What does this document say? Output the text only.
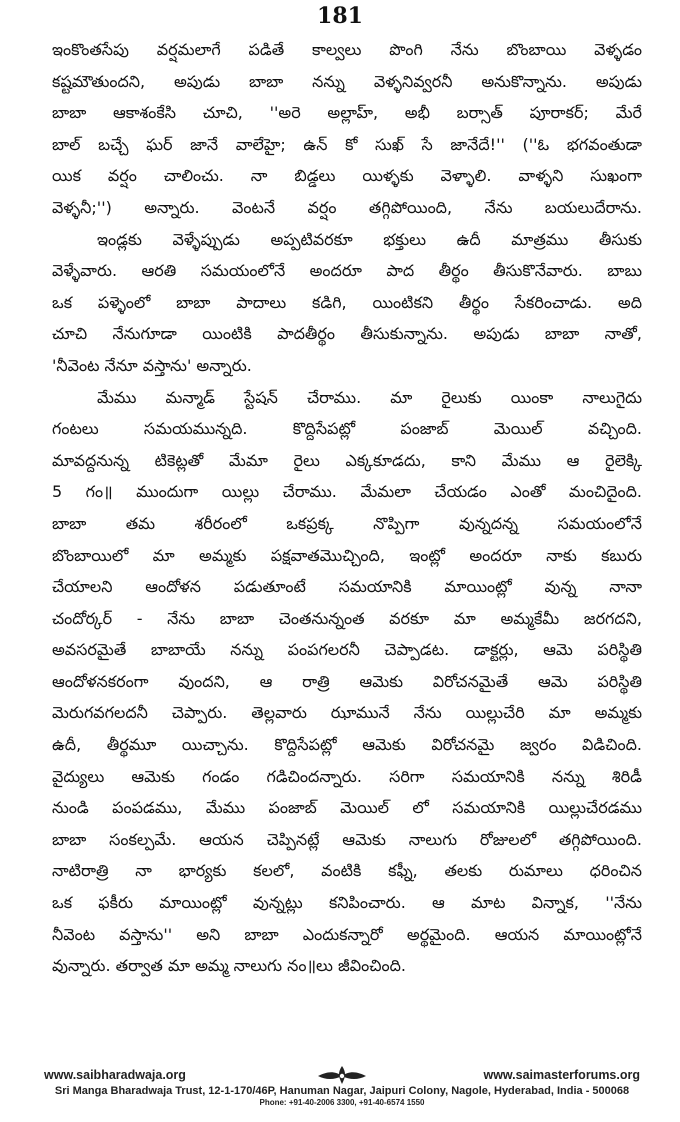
181
ఇంకొంతసేపు వర్షమలాగే పడితే కాల్వలు పొంగి నేను బొంబాయి వెళ్ళడం
కష్టమౌతుందని, అపుడు బాబా నన్ను వెళ్ళనివ్వరనీ అనుకొన్నాను. అపుడు
బాబా ఆకాశంకేసి చూచి, ''అరె అల్లాహ్, అభీ బర్సాత్ పూరాకర్; మేరే
బాల్ బచ్చే ఘర్ జానే వాలేహై; ఉన్ కో సుఖ్ సే జానేదే!'' (''ఓ భగవంతుడా
యిక వర్షం చాలించు. నా బిడ్డలు యిళ్ళకు వెళ్ళాలి. వాళ్ళని సుఖంగా
వెళ్ళనీ;'') అన్నారు. వెంటనే వర్షం తగ్గిపోయింది, నేను బయలుదేరాను.
ఇండ్లకు వెళ్ళేప్పుడు అప్పటివరకూ భక్తులు ఉదీ మాత్రము తీసుకు
వెళ్ళేవారు. ఆరతి సమయంలోనే అందరూ పాద తీర్థం తీసుకొనేవారు. బాబు
ఒక పళ్ళెంలో బాబా పాదాలు కడిగి, యింటికని తీర్థం సేకరించాడు. అది
చూచి నేనుగూడా యింటికి పాదతీర్థం తీసుకున్నాను. అపుడు బాబా నాతో,
'నీవెంట నేనూ వస్తాను' అన్నారు.
మేము మన్మాడ్ స్టేషన్ చేరాము. మా రైలుకు యింకా నాలుగైదు
గంటలు సమయమున్నది. కొద్దిసేపట్లో పంజాబ్ మెయిల్ వచ్చింది.
మావద్దనున్న టికెట్లతో మేమా రైలు ఎక్కకూడదు, కాని మేము ఆ రైలెక్కి
5 గం॥ ముందుగా యిల్లు చేరాము. మేమలా చేయడం ఎంతో మంచిదైంది.
బాబా తమ శరీరంలో ఒకప్రక్క నొప్పిగా వున్నదన్న సమయంలోనే
బొంబాయిలో మా అమ్మకు పక్షవాతమొచ్చింది, ఇంట్లో అందరూ నాకు కబురు
చేయాలని ఆందోళన పడుతూంటే సమయానికి మాయింట్లో వున్న నానా
చందోర్కర్ - నేను బాబా చెంతనున్నంత వరకూ మా అమ్మకేమీ జరగదని,
అవసరమైతే బాబాయే నన్ను పంపగలరనీ చెప్పాడట. డాక్టర్లు, ఆమె పరిస్థితి
ఆందోళనకరంగా వుందని, ఆ రాత్రి ఆమెకు విరోచనమైతే ఆమె పరిస్థితి
మెరుగవగలదనీ చెప్పారు. తెల్లవారు ఝామునే నేను యిల్లుచేరి మా అమ్మకు
ఉదీ, తీర్థమూ యిచ్చాను. కొద్దిసేపట్లో ఆమెకు విరోచనమై జ్వరం విడిచింది.
వైద్యులు ఆమెకు గండం గడిచిందన్నారు. సరిగా సమయానికి నన్ను శిరిడీ
నుండి పంపడము, మేము పంజాబ్ మెయిల్ లో సమయానికి యిల్లుచేరడము
బాబా సంకల్పమే. ఆయన చెప్పినట్లే ఆమెకు నాలుగు రోజులలో తగ్గిపోయింది.
నాటిరాత్రి నా భార్యకు కలలో, వంటికి కఫ్నీ, తలకు రుమాలు ధరించిన
ఒక ఫకీరు మాయింట్లో వున్నట్లు కనిపించారు. ఆ మాట విన్నాక, ''నేను
నీవెంట వస్తాను'' అని బాబా ఎందుకన్నారో అర్థమైంది. ఆయన మాయింట్లోనే
వున్నారు. తర్వాత మా అమ్మ నాలుగు నం॥లు జీవించింది.
www.saibharadwaja.org	www.saimasterforums.org
Sri Manga Bharadwaja Trust, 12-1-170/46P, Hanuman Nagar, Jaipuri Colony, Nagole, Hyderabad, India - 500068
Phone: +91-40-2006 3300, +91-40-6574 1550
